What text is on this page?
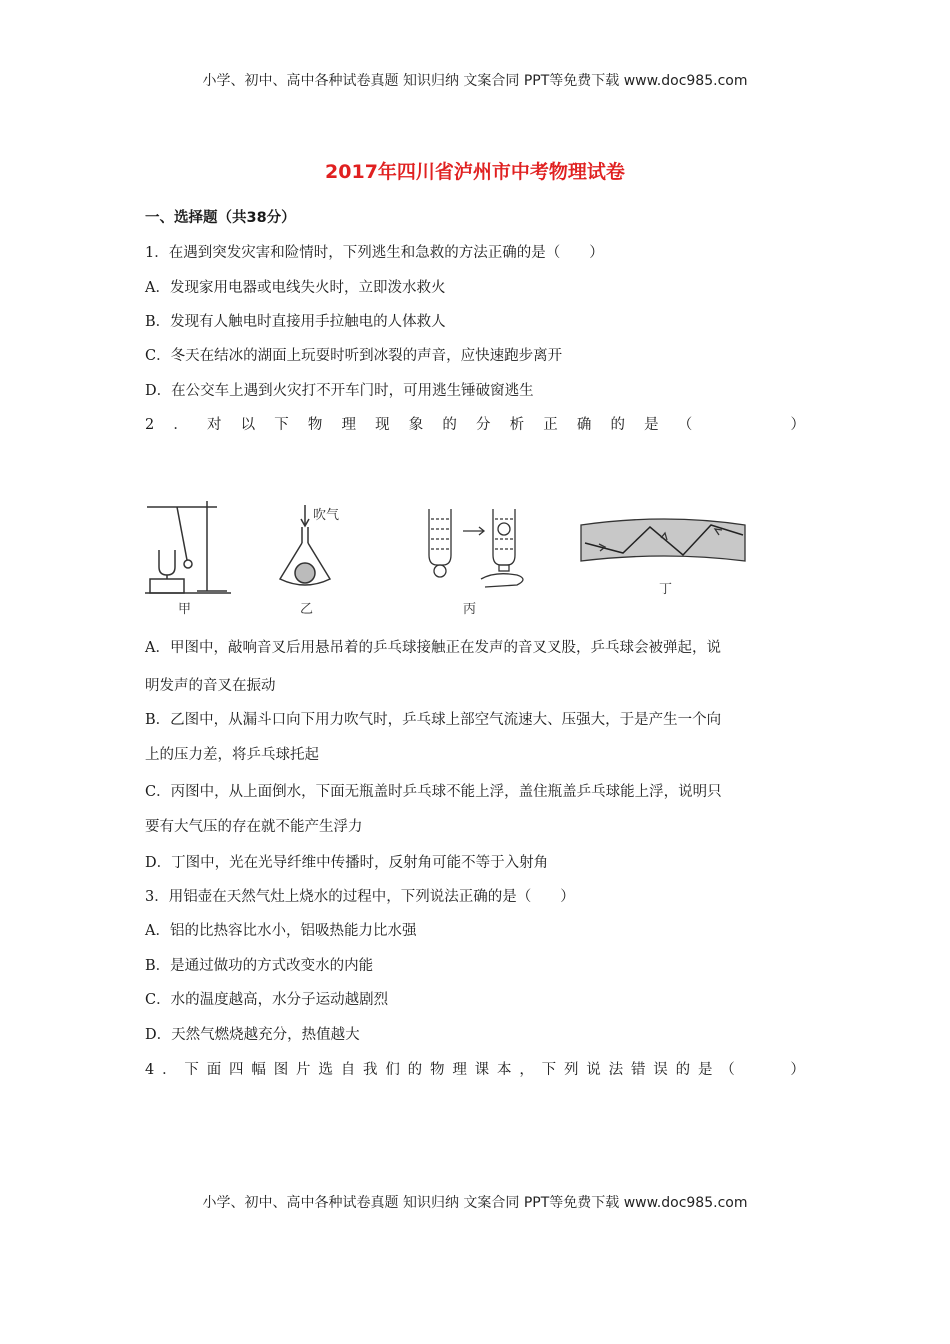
小学、初中、高中各种试卷真题 知识归纳 文案合同 PPT等免费下载 www.doc985.com
2017年四川省泸州市中考物理试卷
一、选择题（共38分）
1．在遇到突发灾害和险情时，下列逃生和急救的方法正确的是（　　）
A．发现家用电器或电线失火时，立即泼水救火
B．发现有人触电时直接用手拉触电的人体救人
C．冬天在结冰的湖面上玩耍时听到冰裂的声音，应快速跑步离开
D．在公交车上遇到火灾打不开车门时，可用逃生锤破窗逃生
2 ． 对 以 下 物 理 现 象 的 分 析 正 确 的 是 （
　	）
甲
吹气
乙	丙
丁
A．甲图中，敲响音叉后用悬吊着的乒乓球接触正在发声的音叉叉股，乒乓球会被弹起，说
明发声的音叉在振动
B．乙图中，从漏斗口向下用力吹气时，乒乓球上部空气流速大、压强大，于是产生一个向
上的压力差，将乒乓球托起
C．丙图中，从上面倒水，下面无瓶盖时乒乓球不能上浮，盖住瓶盖乒乓球能上浮，说明只
要有大气压的存在就不能产生浮力
D．丁图中，光在光导纤维中传播时，反射角可能不等于入射角
3．用铝壶在天然气灶上烧水的过程中，下列说法正确的是（　　）
A．铝的比热容比水小，铝吸热能力比水强
B．是通过做功的方式改变水的内能
C．水的温度越高，水分子运动越剧烈
D．天然气燃烧越充分，热值越大
4 ． 下 面 四 幅 图 片 选 自 我 们 的 物 理 课 本 ， 下 列 说 法 错 误 的 是 （
　	）
小学、初中、高中各种试卷真题 知识归纳 文案合同 PPT等免费下载 www.doc985.com
